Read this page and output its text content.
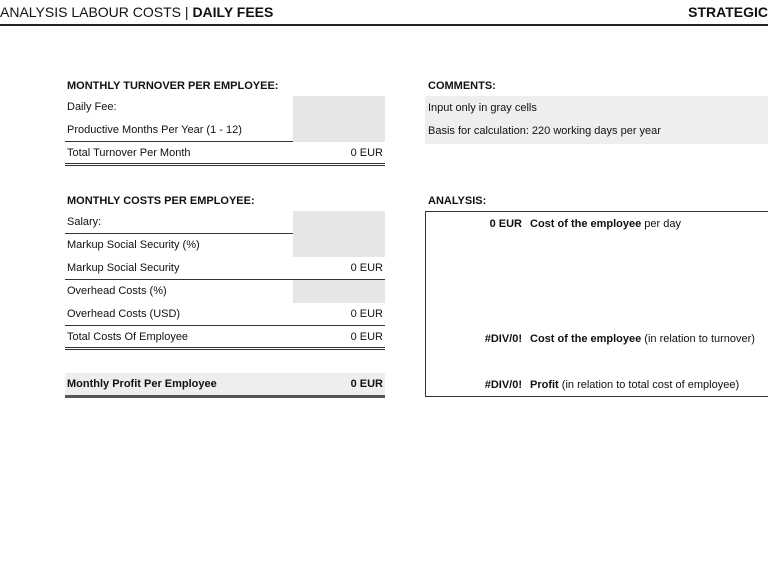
ANALYSIS LABOUR COSTS | DAILY FEES	STRATEGIC
MONTHLY TURNOVER PER EMPLOYEE:
Daily Fee:
Productive Months Per Year (1 - 12)
Total Turnover Per Month	0 EUR
MONTHLY COSTS PER EMPLOYEE:
Salary:
Markup Social Security (%)
Markup Social Security	0 EUR
Overhead Costs (%)
Overhead Costs (USD)	0 EUR
Total Costs Of Employee	0 EUR
Monthly Profit Per Employee	0 EUR
COMMENTS:
Input only in gray cells
Basis for calculation: 220 working days per year
ANALYSIS:
0 EUR Cost of the employee per day
#DIV/0! Cost of the employee (in relation to turnover)
#DIV/0! Profit (in relation to total cost of employee)
